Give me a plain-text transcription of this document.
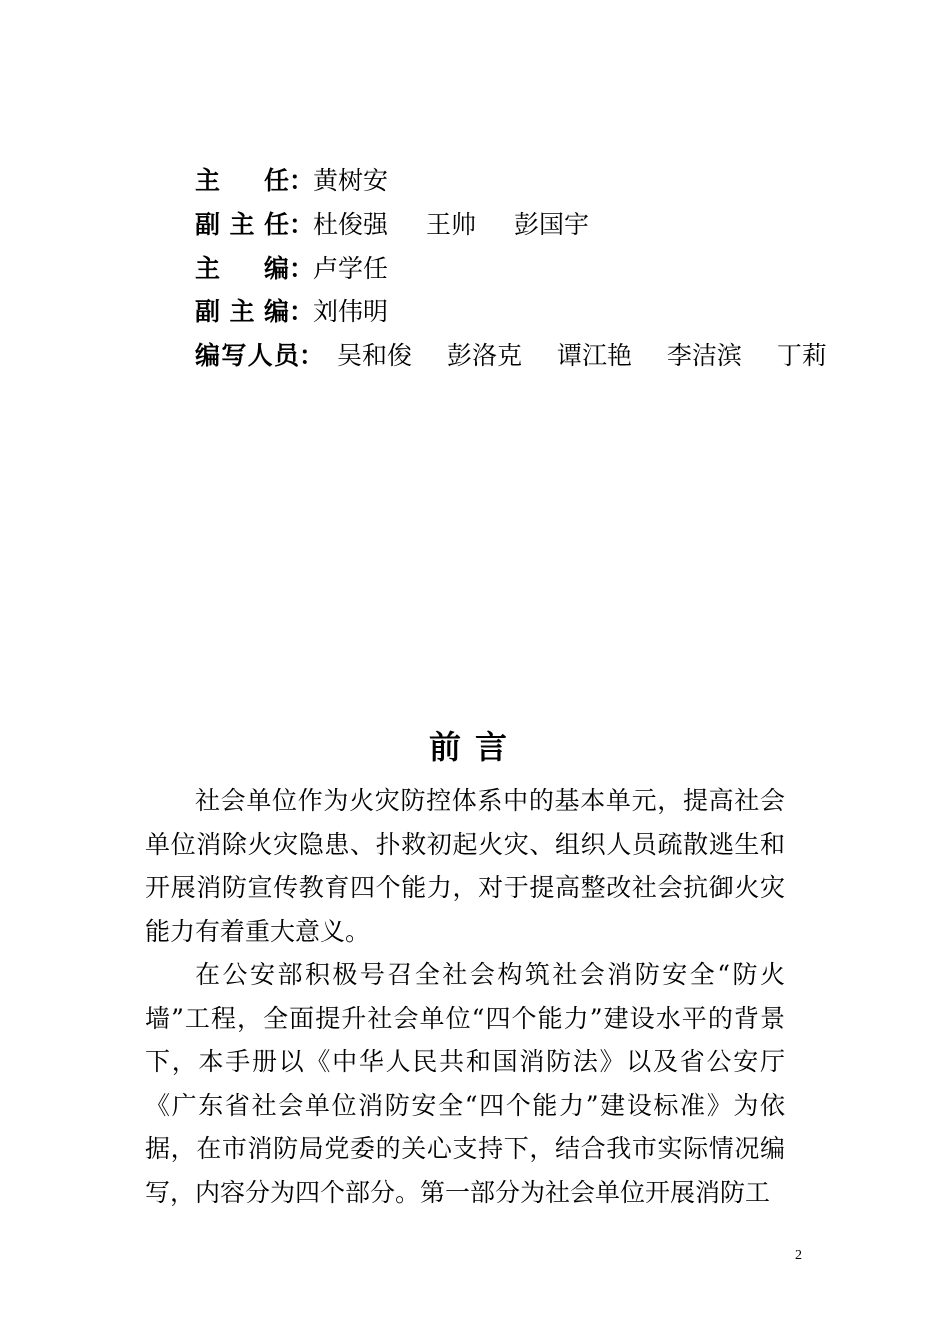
主 任 ：
黄树安
副 主 任 ：
杜俊强 王帅 彭国宇
主 编 ：
卢学任
副 主 编 ：
刘伟明
编 写 人 员 ： 吴和俊 彭洛克 谭江艳 李洁滨 丁莉
前言

社会单位作为火灾防控体系中的基本单元，提高社会单位消除火灾隐患、扑救初起火灾、组织人员疏散逃生和开展消防宣传教育四个能力，对于提高整改社会抗御火灾能力有着重大意义。

在公安部积极号召全社会构筑社会消防安全“防火墙”工程，全面提升社会单位“四个能力”建设水平的背景下，本手册以《中华人民共和国消防法》以及省公安厅《广东省社会单位消防安全“四个能力”建设标准》为依据，在市消防局党委的关心支持下，结合我市实际情况编写，内容分为四个部分。第一部分为社会单位开展消防工

2
